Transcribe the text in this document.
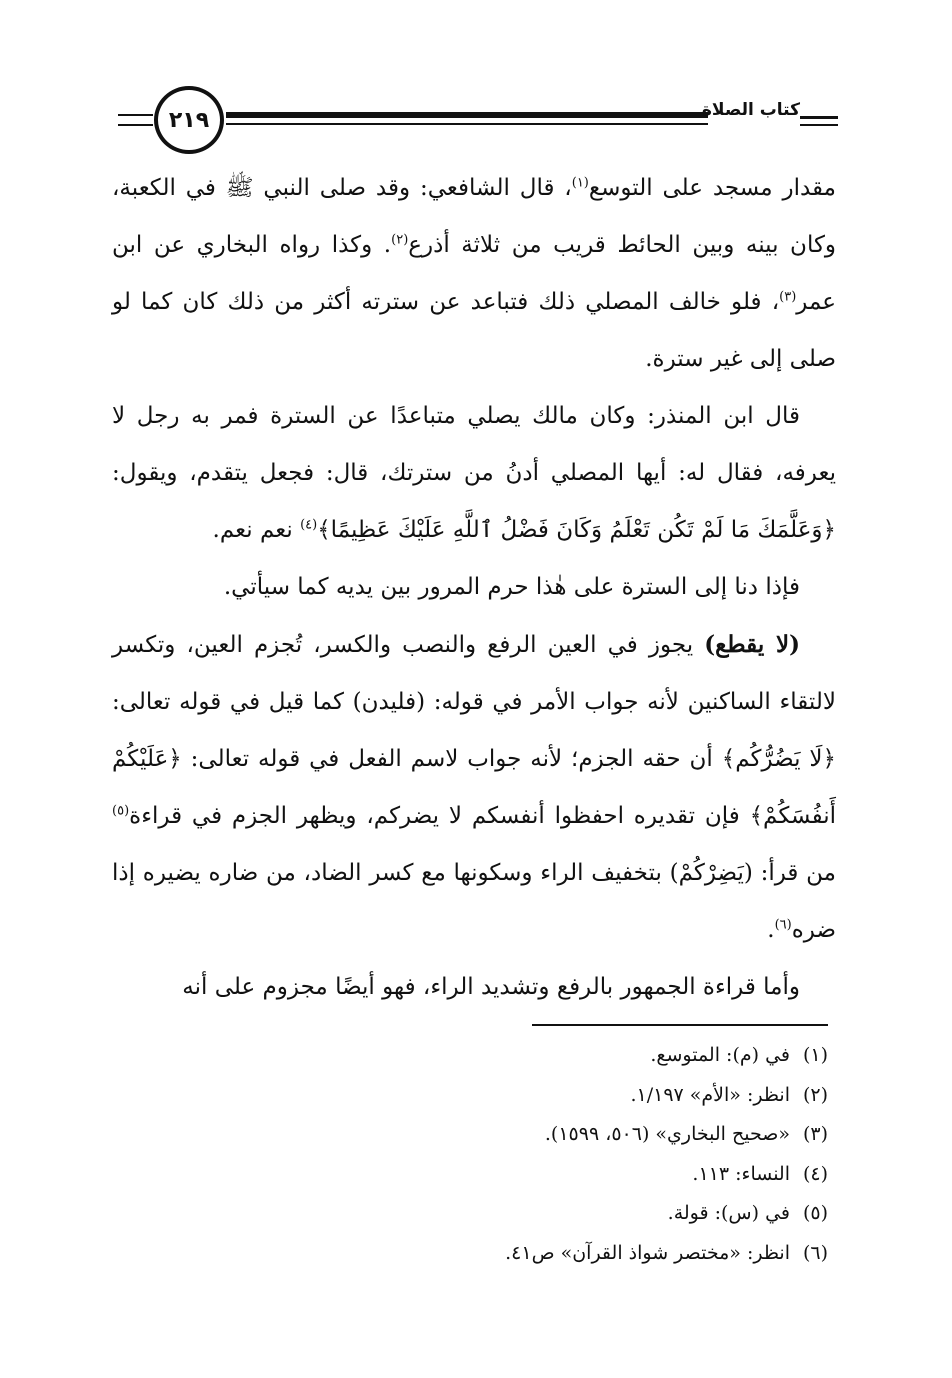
٢١٩	كتاب الصلاة

مقدار مسجد على التوسع$^{(١)}$، قال الشافعي: وقد صلى النبي ﷺ في الكعبة، وكان بينه وبين الحائط قريب من ثلاثة أذرع$^{(٢)}$. وكذا رواه البخاري عن ابن عمر$^{(٣)}$، فلو خالف المصلي ذلك فتباعد عن سترته أكثر من ذلك كان كما لو صلى إلى غير سترة.

قال ابن المنذر: وكان مالك يصلي متباعدًا عن السترة فمر به رجل لا يعرفه، فقال له: أيها المصلي أدنُ من سترتك، قال: فجعل يتقدم، ويقول: ﴿وَعَلَّمَكَ مَا لَمْ تَكُن تَعْلَمُ وَكَانَ فَضْلُ ٱللَّهِ عَلَيْكَ عَظِيمًا﴾$^{(٤)}$ نعم نعم.

فإذا دنا إلى السترة على هٰذا حرم المرور بين يديه كما سيأتي.

(لا يقطع) يجوز في العين الرفع والنصب والكسر، تُجزم العين، وتكسر لالتقاء الساكنين لأنه جواب الأمر في قوله: (فليدن) كما قيل في قوله تعالى: ﴿لَا يَضُرُّكُم﴾ أن حقه الجزم؛ لأنه جواب لاسم الفعل في قوله تعالى: ﴿عَلَيْكُمْ أَنفُسَكُمْ﴾ فإن تقديره احفظوا أنفسكم لا يضركم، ويظهر الجزم في قراءة$^{(٥)}$ من قرأ: (يَضِرْكُمْ) بتخفيف الراء وسكونها مع كسر الضاد، من ضاره يضيره إذا ضره$^{(٦)}$.

وأما قراءة الجمهور بالرفع وتشديد الراء، فهو أيضًا مجزوم على أنه

(١)في (م): المتوسع.
(٢)انظر: «الأم» ١/١٩٧.
(٣)«صحيح البخاري» (٥٠٦، ١٥٩٩).
(٤)النساء: ١١٣.
(٥)في (س): قولة.
(٦)انظر: «مختصر شواذ القرآن» ص٤١.
